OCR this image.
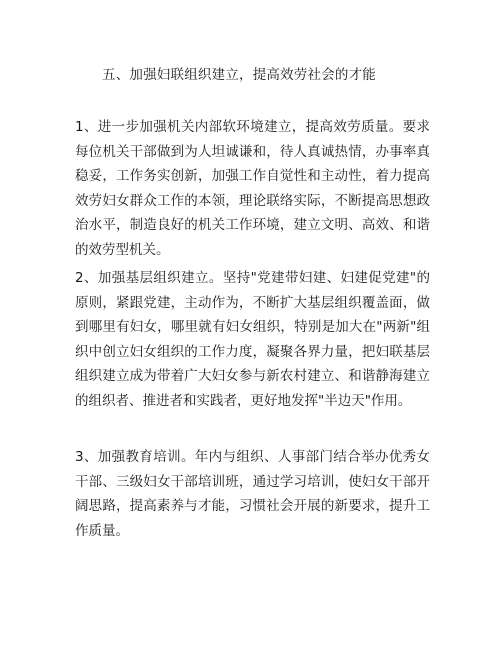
五、加强妇联组织建立，提高效劳社会的才能
1、进一步加强机关内部软环境建立，提高效劳质量。要求每位机关干部做到为人坦诚谦和，待人真诚热情，办事率真稳妥，工作务实创新，加强工作自觉性和主动性，着力提高效劳妇女群众工作的本领，理论联络实际，不断提高思想政治水平，制造良好的机关工作环境，建立文明、高效、和谐的效劳型机关。
2、加强基层组织建立。坚持"党建带妇建、妇建促党建"的原则，紧跟党建，主动作为，不断扩大基层组织覆盖面，做到哪里有妇女，哪里就有妇女组织，特别是加大在"两新"组织中创立妇女组织的工作力度，凝聚各界力量，把妇联基层组织建立成为带着广大妇女参与新农村建立、和谐静海建立的组织者、推进者和实践者，更好地发挥"半边天"作用。
3、加强教育培训。年内与组织、人事部门结合举办优秀女干部、三级妇女干部培训班，通过学习培训，使妇女干部开阔思路，提高素养与才能，习惯社会开展的新要求，提升工作质量。
